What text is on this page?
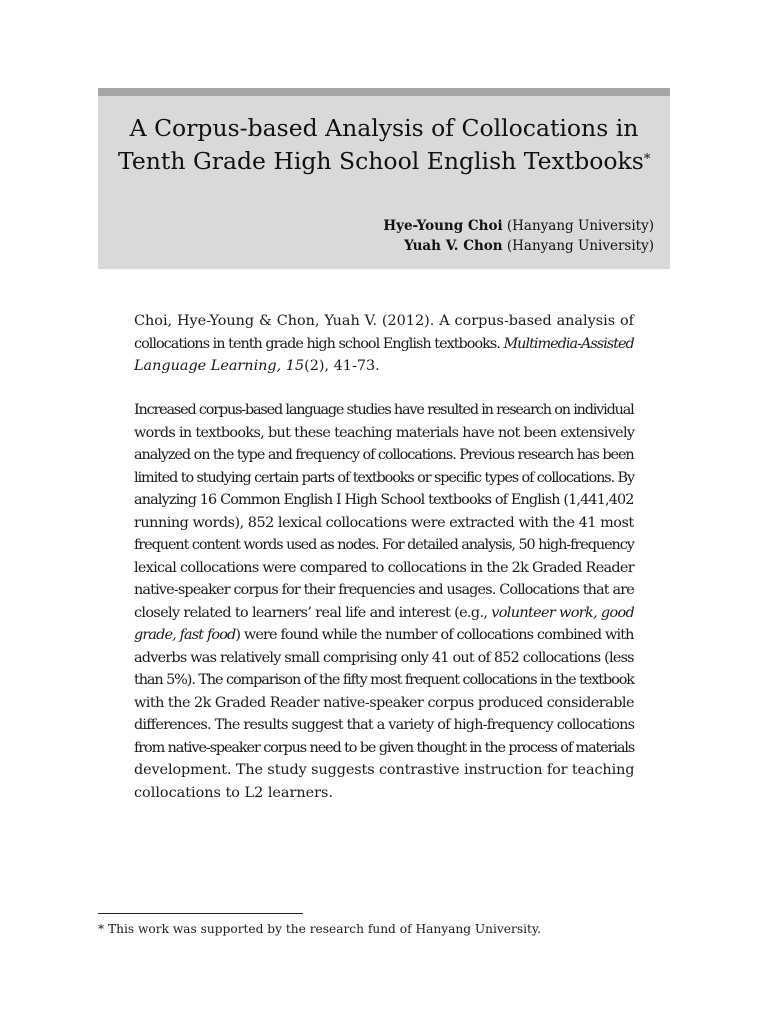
A Corpus-based Analysis of Collocations in
Tenth Grade High School English Textbooks*
Hye-Young Choi (Hanyang University)
Yuah V. Chon (Hanyang University)
Choi, Hye-Young & Chon, Yuah V. (2012). A corpus-based analysis of
collocations in tenth grade high school English textbooks. Multimedia-Assisted
Language Learning, 15(2), 41-73.
Increased corpus-based language studies have resulted in research on individual
words in textbooks, but these teaching materials have not been extensively
analyzed on the type and frequency of collocations. Previous research has been
limited to studying certain parts of textbooks or specific types of collocations. By
analyzing 16 Common English I High School textbooks of English (1,441,402
running words), 852 lexical collocations were extracted with the 41 most
frequent content words used as nodes. For detailed analysis, 50 high-frequency
lexical collocations were compared to collocations in the 2k Graded Reader
native-speaker corpus for their frequencies and usages. Collocations that are
closely related to learners’ real life and interest (e.g., volunteer work, good
grade, fast food) were found while the number of collocations combined with
adverbs was relatively small comprising only 41 out of 852 collocations (less
than 5%). The comparison of the fifty most frequent collocations in the textbook
with the 2k Graded Reader native-speaker corpus produced considerable
differences. The results suggest that a variety of high-frequency collocations
from native-speaker corpus need to be given thought in the process of materials
development. The study suggests contrastive instruction for teaching
collocations to L2 learners.
* This work was supported by the research fund of Hanyang University.
